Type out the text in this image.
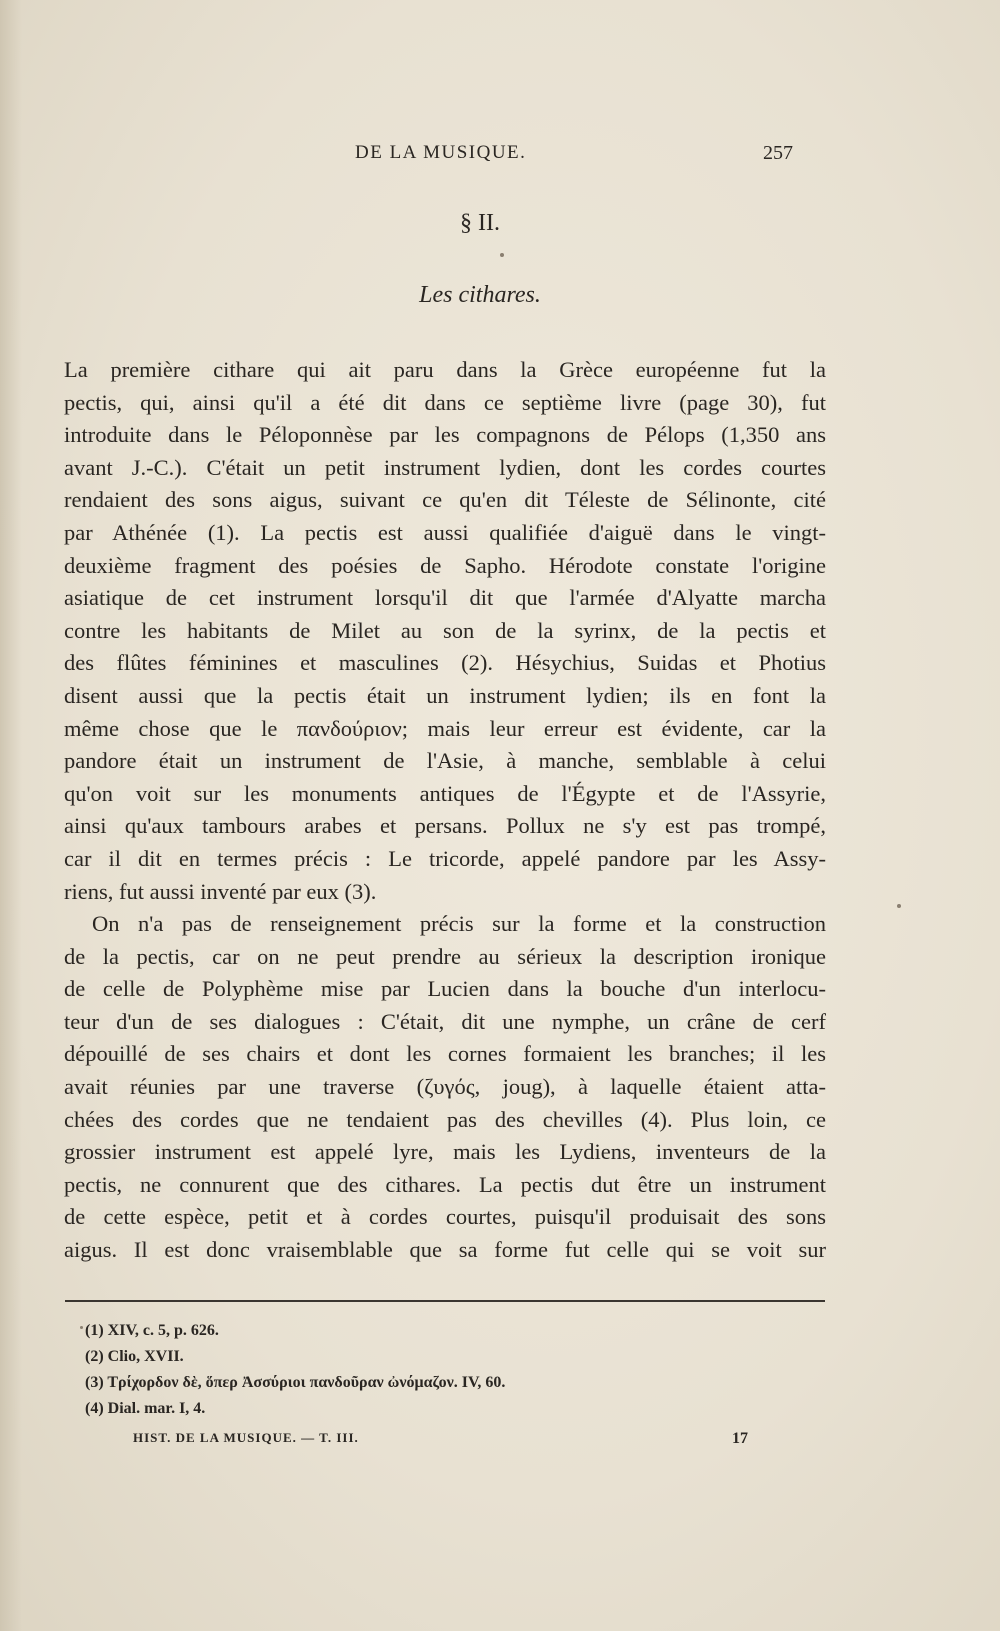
DE LA MUSIQUE.	257
§ II.
Les cithares.
La première cithare qui ait paru dans la Grèce européenne fut la
pectis, qui, ainsi qu'il a été dit dans ce septième livre (page 30), fut
introduite dans le Péloponnèse par les compagnons de Pélops (1,350 ans
avant J.-C.). C'était un petit instrument lydien, dont les cordes courtes
rendaient des sons aigus, suivant ce qu'en dit Téleste de Sélinonte, cité
par Athénée (1). La pectis est aussi qualifiée d'aiguë dans le vingt-
deuxième fragment des poésies de Sapho. Hérodote constate l'origine
asiatique de cet instrument lorsqu'il dit que l'armée d'Alyatte marcha
contre les habitants de Milet au son de la syrinx, de la pectis et
des flûtes féminines et masculines (2). Hésychius, Suidas et Photius
disent aussi que la pectis était un instrument lydien; ils en font la
même chose que le πανδούριον; mais leur erreur est évidente, car la
pandore était un instrument de l'Asie, à manche, semblable à celui
qu'on voit sur les monuments antiques de l'Égypte et de l'Assyrie,
ainsi qu'aux tambours arabes et persans. Pollux ne s'y est pas trompé,
car il dit en termes précis : Le tricorde, appelé pandore par les Assy-
riens, fut aussi inventé par eux (3).
On n'a pas de renseignement précis sur la forme et la construction
de la pectis, car on ne peut prendre au sérieux la description ironique
de celle de Polyphème mise par Lucien dans la bouche d'un interlocu-
teur d'un de ses dialogues : C'était, dit une nymphe, un crâne de cerf
dépouillé de ses chairs et dont les cornes formaient les branches; il les
avait réunies par une traverse (ζυγός, joug), à laquelle étaient atta-
chées des cordes que ne tendaient pas des chevilles (4). Plus loin, ce
grossier instrument est appelé lyre, mais les Lydiens, inventeurs de la
pectis, ne connurent que des cithares. La pectis dut être un instrument
de cette espèce, petit et à cordes courtes, puisqu'il produisait des sons
aigus. Il est donc vraisemblable que sa forme fut celle qui se voit sur
(1) XIV, c. 5, p. 626.
(2) Clio, XVII.
(3) Τρίχορδον δὲ, ὅπερ Ἀσσύριοι πανδοῦραν ὠνόμαζον. IV, 60.
(4) Dial. mar. I, 4.
HIST. DE LA MUSIQUE. — T. III.	17
